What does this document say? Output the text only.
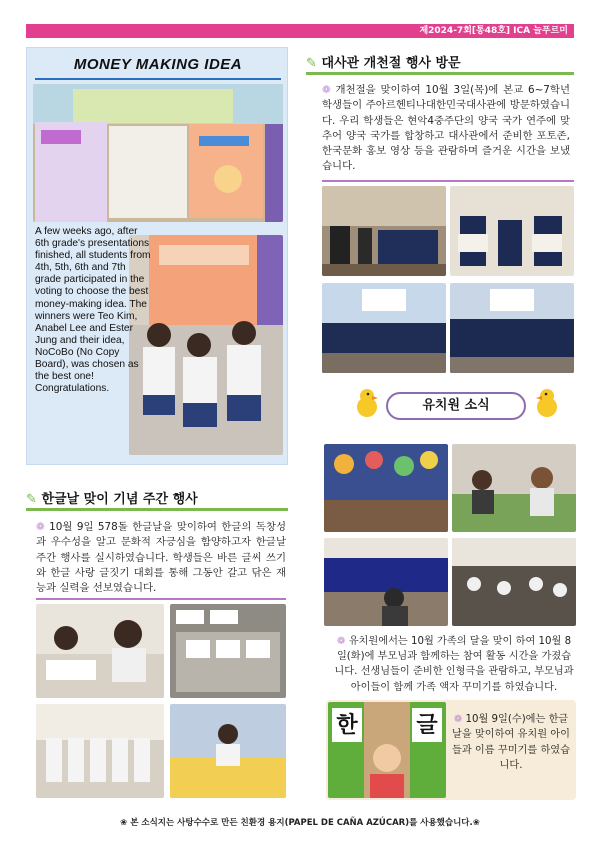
제2024-7회[통48호] ICA 늘푸르미
MONEY MAKING IDEA
A few weeks ago, after 6th grade's presentations finished, all students from 4th, 5th, 6th and 7th grade participated in the voting to choose the best money-making idea. The winners were Teo Kim, Anabel Lee and Ester Jung and their idea, NoCoBo (No Copy Board), was chosen as the best one! Congratulations.
✎ 대사관 개천절 행사 방문
❁ 개천절을 맞이하여 10월 3일(목)에 본교 6~7학년 학생들이 주아르헨티나대한민국대사관에 방문하였습니다. 우리 학생들은 현악4중주단의 양국 국가 연주에 맞추어 양국 국가를 합창하고 대사관에서 준비한 포토존, 한국문화 홍보 영상 등을 관람하며 즐거운 시간을 보냈습니다.
유치원 소식
❁ 유치원에서는 10월 가족의 달을 맞이 하여 10월 8일(화)에 부모님과 함께하는 참여 활동 시간을 가졌습니다. 선생님들이 준비한 인형극을 관람하고, 부모님과 아이들이 함께 가족 액자 꾸미기를 하였습니다.
한	글	❁ 10월 9일(수)에는 한글날을 맞이하여 유치원 아이들과 이름 꾸미기를 하였습니다.
✎ 한글날 맞이 기념 주간 행사
❁ 10월 9일 578돌 한글날을 맞이하여 한글의 독창성과 우수성을 알고 문화적 자긍심을 함양하고자 한글날 주간 행사를 실시하였습니다. 학생들은 바른 글씨 쓰기와 한글 사랑 글짓기 대회를 통해 그동안 갈고 닦은 재능과 실력을 선보였습니다.
❀ 본 소식지는 사탕수수로 만든 친환경 용지(PAPEL DE CAÑA AZÚCAR)를 사용했습니다.❀
